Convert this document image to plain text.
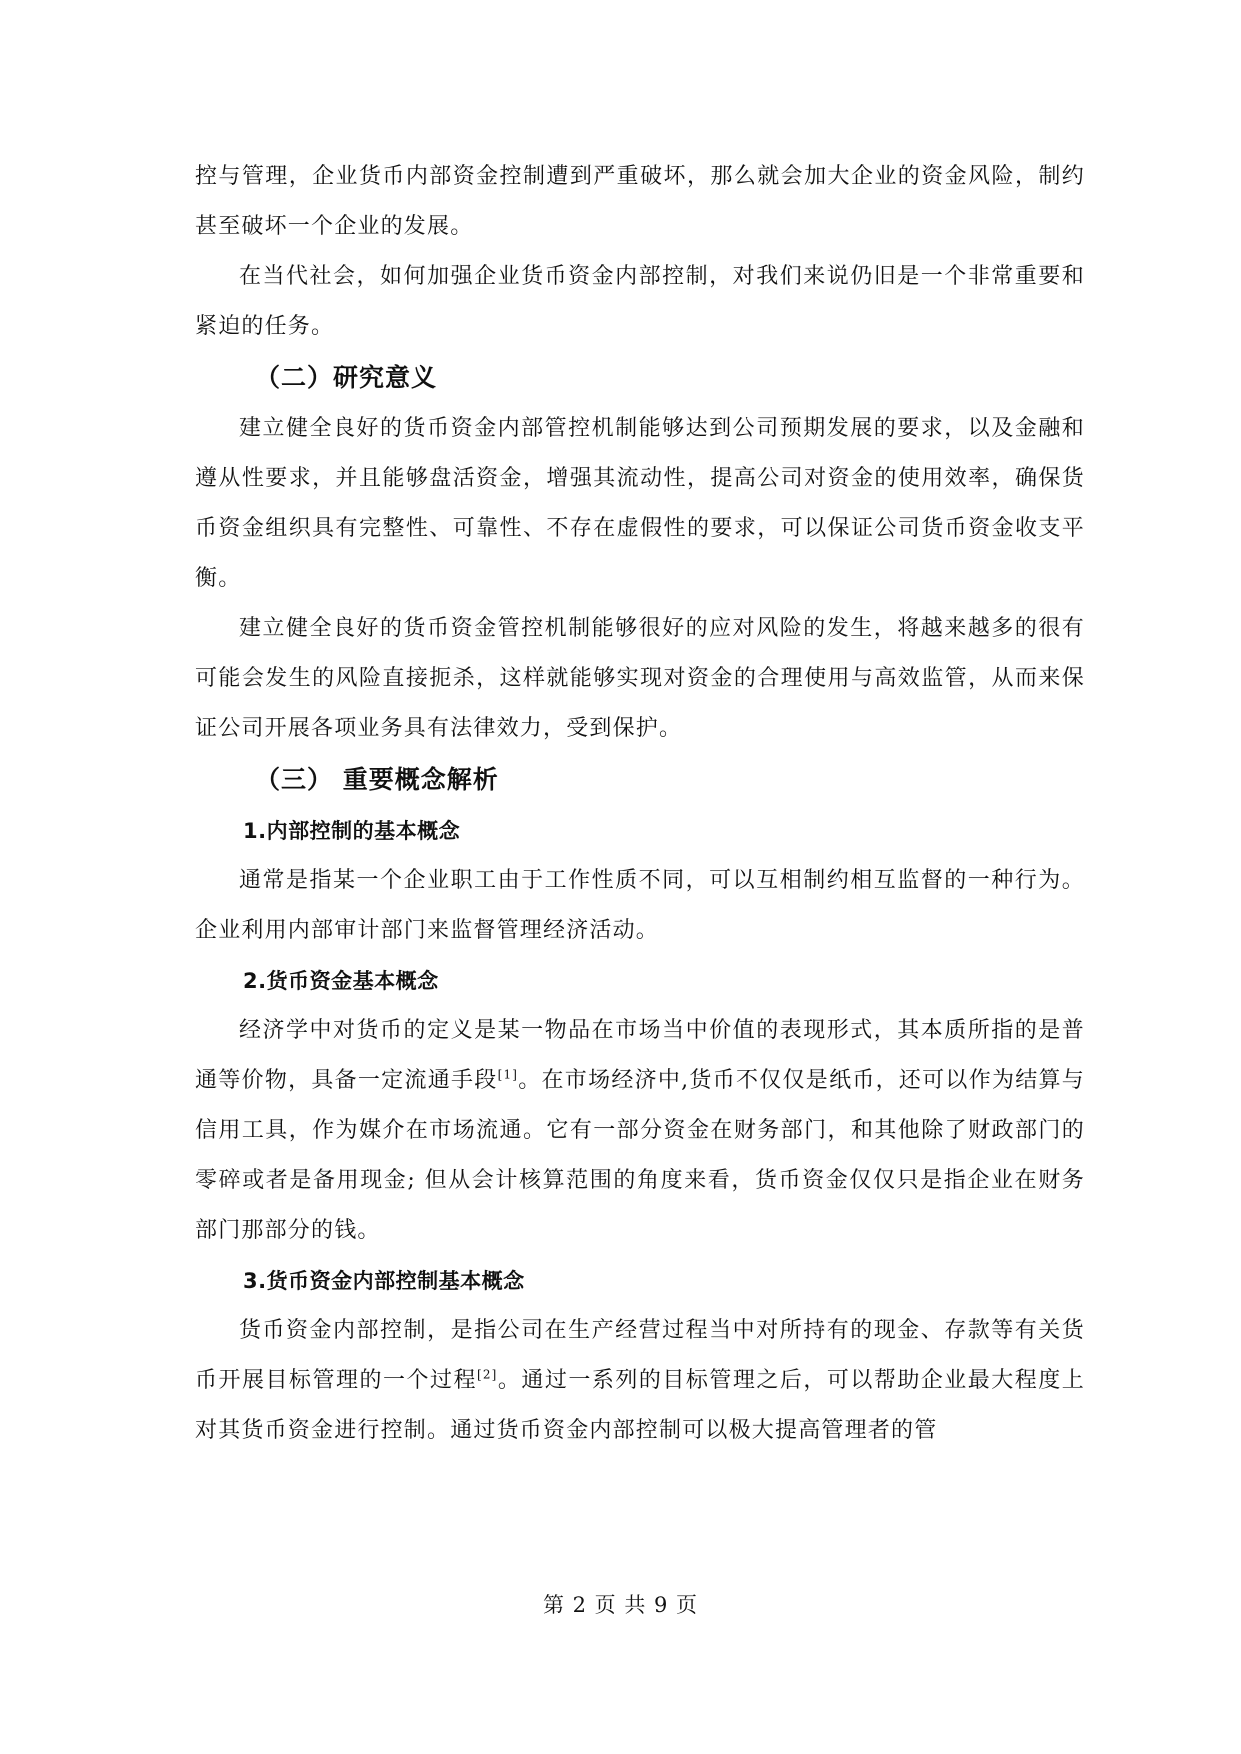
控与管理，企业货币内部资金控制遭到严重破坏，那么就会加大企业的资金风险，制约甚至破坏一个企业的发展。

在当代社会，如何加强企业货币资金内部控制，对我们来说仍旧是一个非常重要和紧迫的任务。

（二）研究意义

建立健全良好的货币资金内部管控机制能够达到公司预期发展的要求，以及金融和遵从性要求，并且能够盘活资金，增强其流动性，提高公司对资金的使用效率，确保货币资金组织具有完整性、可靠性、不存在虚假性的要求，可以保证公司货币资金收支平衡。

建立健全良好的货币资金管控机制能够很好的应对风险的发生，将越来越多的很有可能会发生的风险直接扼杀，这样就能够实现对资金的合理使用与高效监管，从而来保证公司开展各项业务具有法律效力，受到保护。

（三） 重要概念解析

1.内部控制的基本概念

通常是指某一个企业职工由于工作性质不同，可以互相制约相互监督的一种行为。企业利用内部审计部门来监督管理经济活动。

2.货币资金基本概念

经济学中对货币的定义是某一物品在市场当中价值的表现形式，其本质所指的是普通等价物，具备一定流通手段[1]。在市场经济中,货币不仅仅是纸币，还可以作为结算与信用工具，作为媒介在市场流通。它有一部分资金在财务部门，和其他除了财政部门的零碎或者是备用现金; 但从会计核算范围的角度来看，货币资金仅仅只是指企业在财务部门那部分的钱。

3.货币资金内部控制基本概念

货币资金内部控制，是指公司在生产经营过程当中对所持有的现金、存款等有关货币开展目标管理的一个过程[2]。通过一系列的目标管理之后，可以帮助企业最大程度上对其货币资金进行控制。通过货币资金内部控制可以极大提高管理者的管

第 2 页 共 9 页
